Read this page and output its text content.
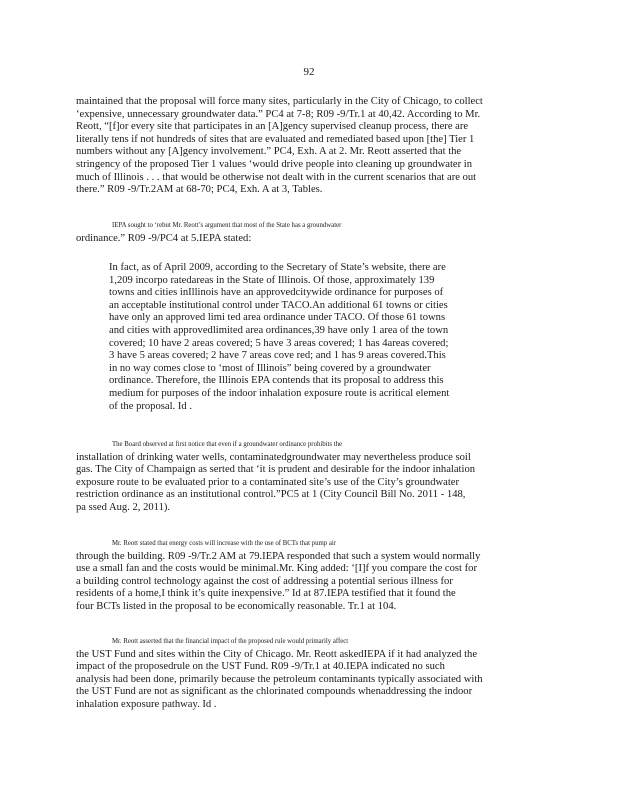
92
maintained that the proposal will force many sites, particularly in the City of Chicago, to collect
‘expensive, unnecessary groundwater data.” PC4 at 7-8; R09 -9/Tr.1 at 40,42. According to Mr.
Reott, “[f]or every site that participates in an [A]gency supervised cleanup process, there are
literally tens if not hundreds of sites that are evaluated and remediated based upon [the] Tier 1
numbers without any [A]gency involvement.” PC4, Exh. A at 2. Mr. Reott asserted that the
stringency of the proposed Tier 1 values ‘would drive people into cleaning up groundwater in
much of Illinois . . . that would be otherwise not dealt with in the current scenarios that are out
there.” R09 -9/Tr.2AM at 68-70; PC4, Exh. A at 3, Tables.
IEPA sought to ‘rebut Mr. Reott’s argument that most of the State has a groundwater
ordinance.” R09 -9/PC4 at 5.IEPA stated:
In fact, as of April 2009, according to the Secretary of State’s website, there are
1,209 incorpo ratedareas in the State of Illinois. Of those, approximately 139
towns and cities inIllinois have an approvedcitywide ordinance for purposes of
an acceptable institutional control under TACO.An additional 61 towns or cities
have only an approved limi ted area ordinance under TACO. Of those 61 towns
and cities with approvedlimited area ordinances,39 have only 1 area of the town
covered; 10 have 2 areas covered; 5 have 3 areas covered; 1 has 4areas covered;
3 have 5 areas covered; 2 have 7 areas cove red; and 1 has 9 areas covered.This
in no way comes close to ‘most of Illinois” being covered by a groundwater
ordinance. Therefore, the Illinois EPA contends that its proposal to address this
medium for purposes of the indoor inhalation exposure route is acritical element
of the proposal. Id .
The Board observed at first notice that even if a groundwater ordinance prohibits the
installation of drinking water wells, contaminatedgroundwater may nevertheless produce soil
gas. The City of Champaign as serted that ‘it is prudent and desirable for the indoor inhalation
exposure route to be evaluated prior to a contaminated site’s use of the City’s groundwater
restriction ordinance as an institutional control.”PC5 at 1 (City Council Bill No. 2011 - 148,
pa ssed Aug. 2, 2011).
Mr. Reott stated that energy costs will increase with the use of BCTs that pump air
through the building. R09 -9/Tr.2 AM at 79.IEPA responded that such a system would normally
use a small fan and the costs would be minimal.Mr. King added: ‘[I]f you compare the cost for
a building control technology against the cost of addressing a potential serious illness for
residents of a home,I think it’s quite inexpensive.” Id at 87.IEPA testified that it found the
four BCTs listed in the proposal to be economically reasonable. Tr.1 at 104.
Mr. Reott asserted that the financial impact of the proposed rule would primarily affect
the UST Fund and sites within the City of Chicago. Mr. Reott askedIEPA if it had analyzed the
impact of the proposedrule on the UST Fund. R09 -9/Tr.1 at 40.IEPA indicated no such
analysis had been done, primarily because the petroleum contaminants typically associated with
the UST Fund are not as significant as the chlorinated compounds whenaddressing the indoor
inhalation exposure pathway. Id .
